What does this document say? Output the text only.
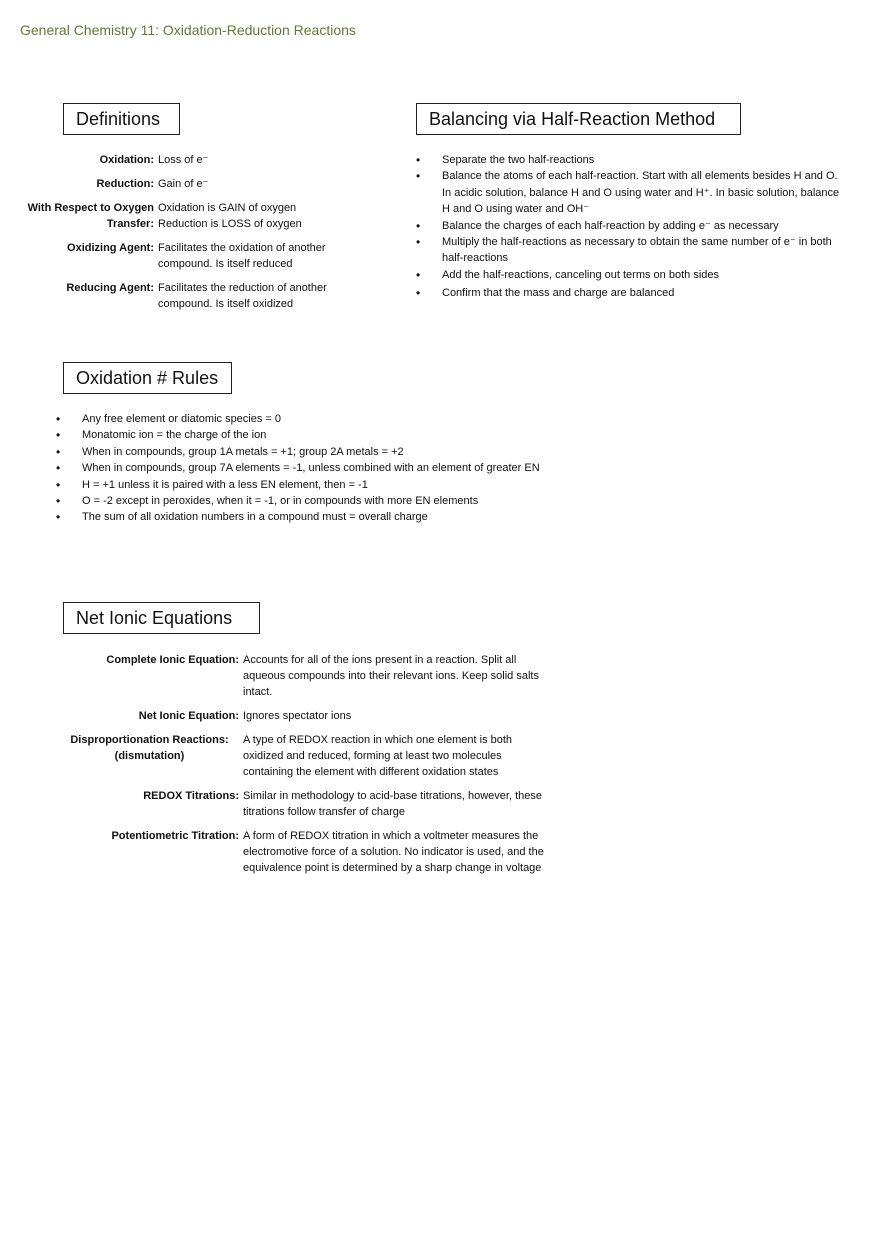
General Chemistry 11: Oxidation-Reduction Reactions
Definitions
Oxidation: Loss of e⁻
Reduction: Gain of e⁻
With Respect to Oxygen Transfer:
Oxidation is GAIN of oxygen Reduction is LOSS of oxygen
Oxidizing Agent: Facilitates the oxidation of another compound. Is itself reduced
Reducing Agent: Facilitates the reduction of another compound. Is itself oxidized
Balancing via Half-Reaction Method
• Separate the two half-reactions
• Balance the atoms of each half-reaction. Start with all elements besides H and O. In acidic solution, balance H and O using water and H⁺. In basic solution, balance H and O using water and OH⁻
• Balance the charges of each half-reaction by adding e⁻ as necessary
• Multiply the half-reactions as necessary to obtain the same number of e⁻ in both half-reactions
• Add the half-reactions, canceling out terms on both sides
• Confirm that the mass and charge are balanced
Oxidation # Rules
• Any free element or diatomic species = 0
• Monatomic ion = the charge of the ion
• When in compounds, group 1A metals = +1; group 2A metals = +2
• When in compounds, group 7A elements = -1, unless combined with an element of greater EN
• H = +1 unless it is paired with a less EN element, then = -1
• O = -2 except in peroxides, when it = -1, or in compounds with more EN elements
• The sum of all oxidation numbers in a compound must = overall charge
Net Ionic Equations
Complete Ionic Equation: Accounts for all of the ions present in a reaction. Split all aqueous compounds into their relevant ions. Keep solid salts intact.
Net Ionic Equation: Ignores spectator ions
Disproportionation Reactions: (dismutation)
A type of REDOX reaction in which one element is both oxidized and reduced, forming at least two molecules containing the element with different oxidation states
REDOX Titrations: Similar in methodology to acid-base titrations, however, these titrations follow transfer of charge
Potentiometric Titration: A form of REDOX titration in which a voltmeter measures the electromotive force of a solution. No indicator is used, and the equivalence point is determined by a sharp change in voltage
